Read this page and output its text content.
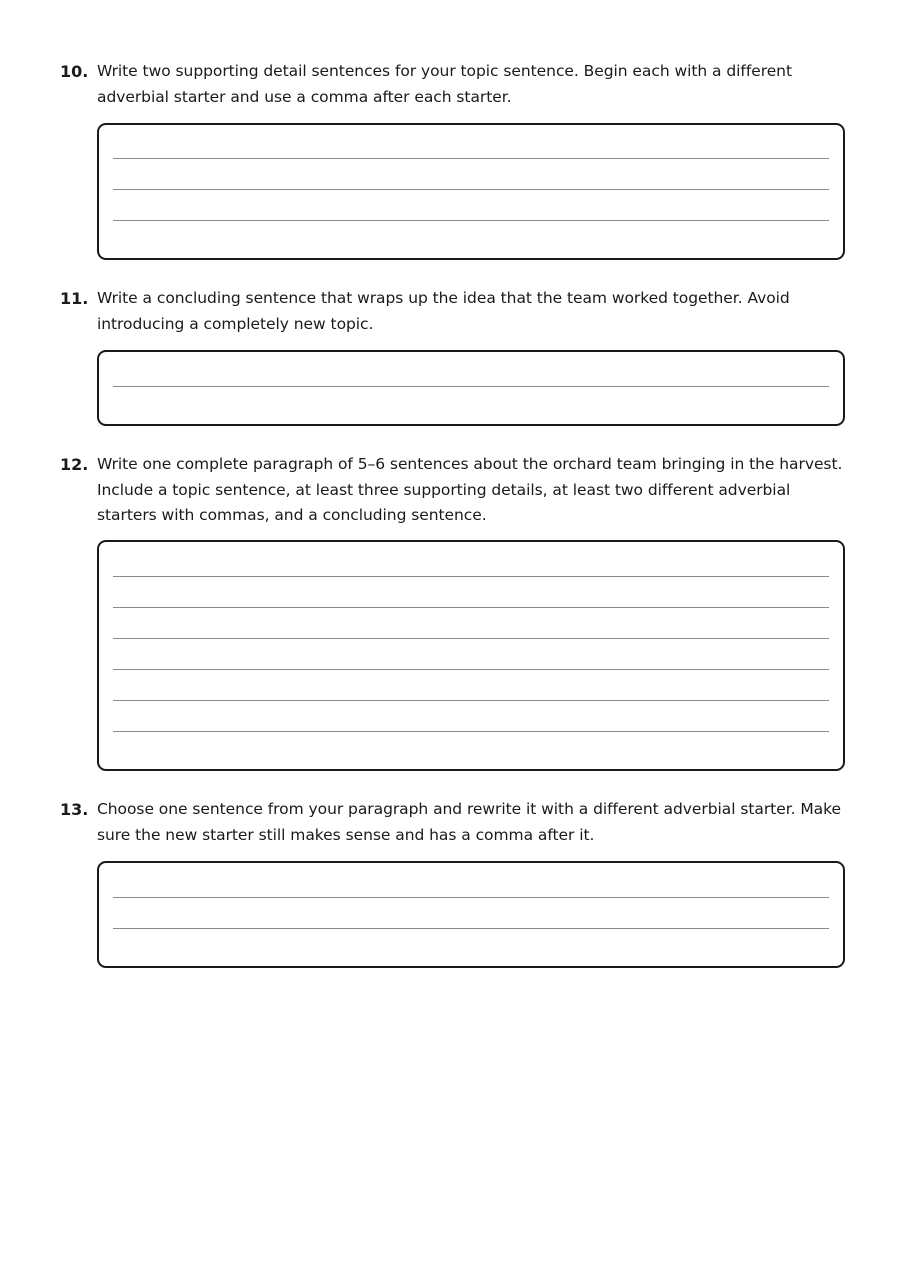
10. Write two supporting detail sentences for your topic sentence. Begin each with a different adverbial starter and use a comma after each starter.
11. Write a concluding sentence that wraps up the idea that the team worked together. Avoid introducing a completely new topic.
12. Write one complete paragraph of 5–6 sentences about the orchard team bringing in the harvest. Include a topic sentence, at least three supporting details, at least two different adverbial starters with commas, and a concluding sentence.
13. Choose one sentence from your paragraph and rewrite it with a different adverbial starter. Make sure the new starter still makes sense and has a comma after it.
